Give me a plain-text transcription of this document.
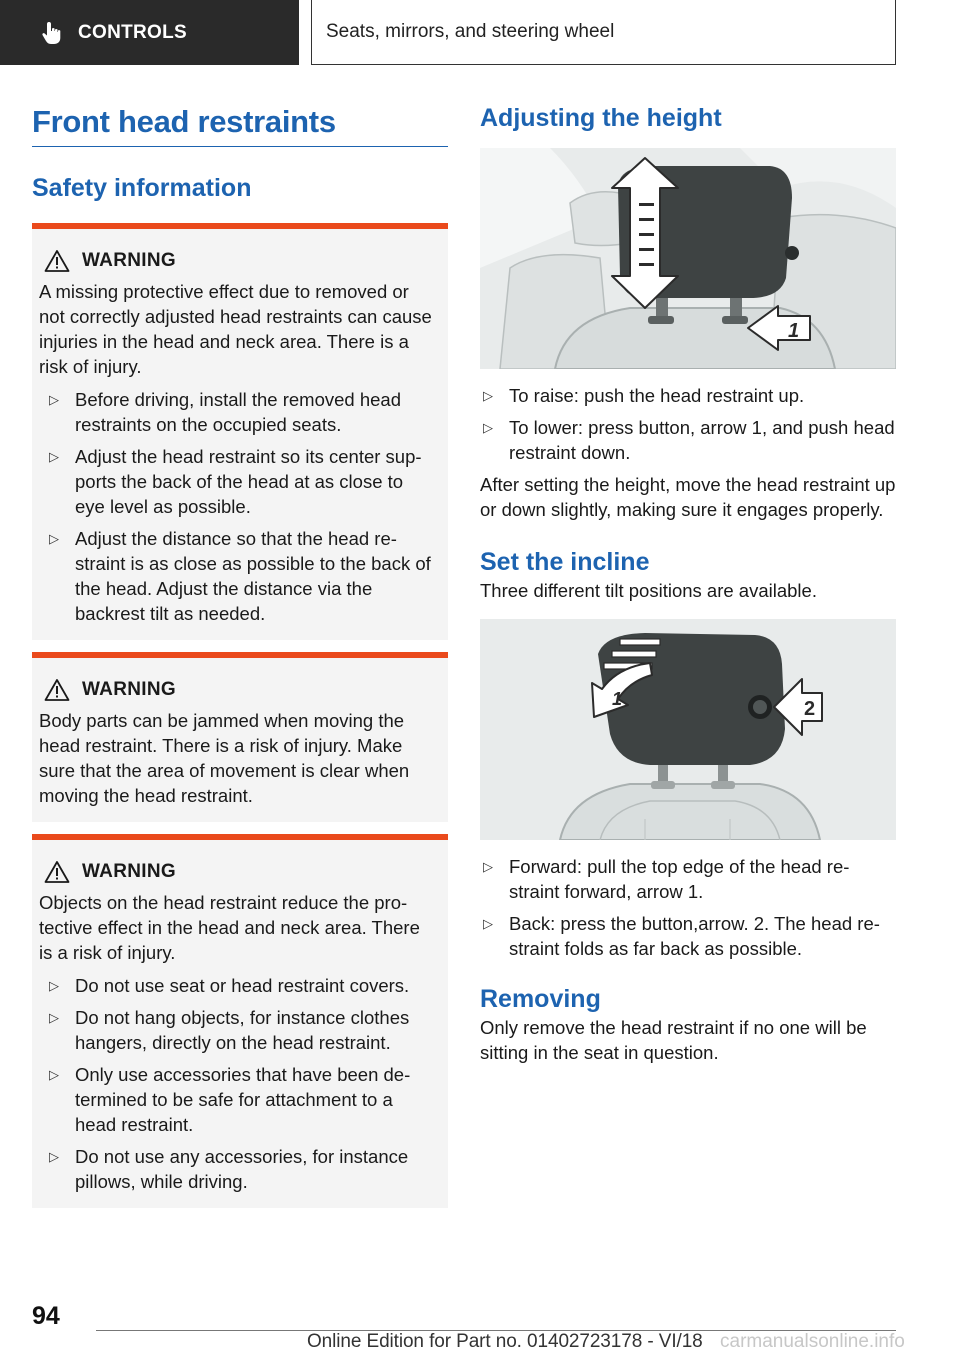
CONTROLS	Seats, mirrors, and steering wheel
Front head restraints
Safety information
WARNING
A missing protective effect due to removed or not correctly adjusted head restraints can cause injuries in the head and neck area. There is a risk of injury.
▷ Before driving, install the removed head restraints on the occupied seats.
▷ Adjust the head restraint so its center sup-ports the back of the head at as close to eye level as possible.
▷ Adjust the distance so that the head re-straint is as close as possible to the back of the head. Adjust the distance via the backrest tilt as needed.
WARNING
Body parts can be jammed when moving the head restraint. There is a risk of injury. Make sure that the area of movement is clear when moving the head restraint.
WARNING
Objects on the head restraint reduce the pro-tective effect in the head and neck area. There is a risk of injury.
▷ Do not use seat or head restraint covers.
▷ Do not hang objects, for instance clothes hangers, directly on the head restraint.
▷ Only use accessories that have been de-termined to be safe for attachment to a head restraint.
▷ Do not use any accessories, for instance pillows, while driving.
Adjusting the height
1
▷ To raise: push the head restraint up.
▷ To lower: press button, arrow 1, and push head restraint down.
After setting the height, move the head restraint up or down slightly, making sure it engages properly.
Set the incline
Three different tilt positions are available.
1	2
▷ Forward: pull the top edge of the head re-straint forward, arrow 1.
▷ Back: press the button,arrow. 2. The head re-straint folds as far back as possible.
Removing
Only remove the head restraint if no one will be sitting in the seat in question.
94
Online Edition for Part no. 01402723178 - VI/18 carmanualsonline.info
